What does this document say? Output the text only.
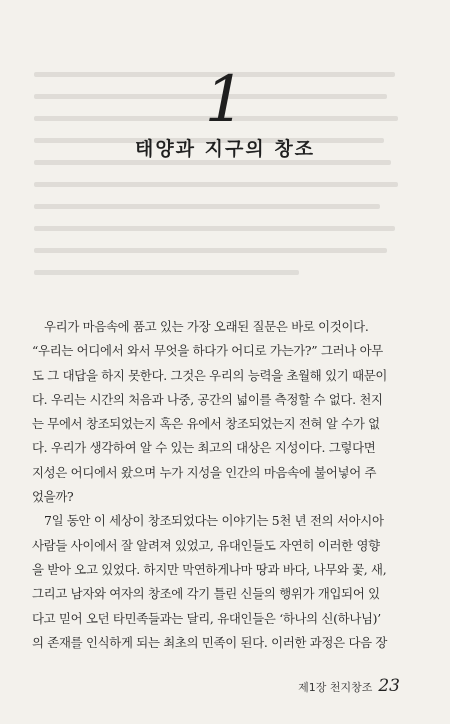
1
태양과 지구의 창조

우리가 마음속에 품고 있는 가장 오래된 질문은 바로 이것이다.
“우리는 어디에서 와서 무엇을 하다가 어디로 가는가?” 그러나 아무
도 그 대답을 하지 못한다. 그것은 우리의 능력을 초월해 있기 때문이
다. 우리는 시간의 처음과 나중, 공간의 넓이를 측정할 수 없다. 천지
는 무에서 창조되었는지 혹은 유에서 창조되었는지 전혀 알 수가 없
다. 우리가 생각하여 알 수 있는 최고의 대상은 지성이다. 그렇다면
지성은 어디에서 왔으며 누가 지성을 인간의 마음속에 불어넣어 주
었을까?

7일 동안 이 세상이 창조되었다는 이야기는 5천 년 전의 서아시아
사람들 사이에서 잘 알려져 있었고, 유대인들도 자연히 이러한 영향
을 받아 오고 있었다. 하지만 막연하게나마 땅과 바다, 나무와 꽃, 새,
그리고 남자와 여자의 창조에 각기 틀린 신들의 행위가 개입되어 있
다고 믿어 오던 타민족들과는 달리, 유대인들은 ‘하나의 신(하나님)’
의 존재를 인식하게 되는 최초의 민족이 된다. 이러한 과정은 다음 장

제1장 천지창조 23
